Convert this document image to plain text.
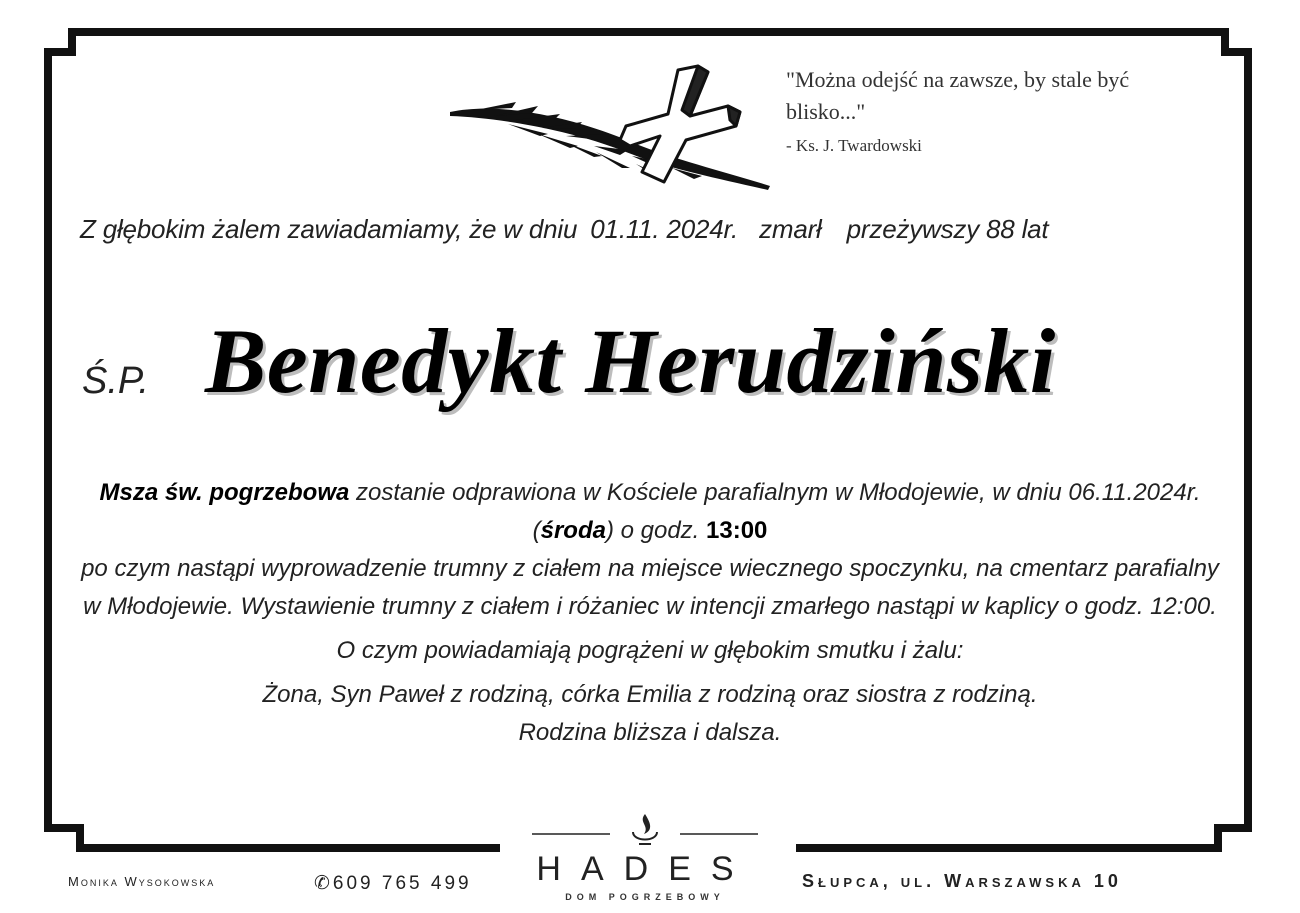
"Można odejść na zawsze, by stale być blisko..."
- Ks. J. Twardowski
Z głębokim żalem zawiadamiamy, że w dniu 01.11. 2024r. zmarł przeżywszy 88 lat
Ś.P. Benedykt Herudziński

Msza św. pogrzebowa zostanie odprawiona w Kościele parafialnym w Młodojewie, w dniu 06.11.2024r. (środa) o godz. 13:00

po czym nastąpi wyprowadzenie trumny z ciałem na miejsce wiecznego spoczynku, na cmentarz parafialny w Młodojewie. Wystawienie trumny z ciałem i różaniec w intencji zmarłego nastąpi w kaplicy o godz. 12:00.

O czym powiadamiają pogrążeni w głębokim smutku i żalu:

Żona, Syn Paweł z rodziną, córka Emilia z rodziną oraz siostra z rodziną.

Rodzina bliższa i dalsza.

Monika Wysokowska	✆609 765 499	HADES
DOM POGRZEBOWY
Słupca, ul. Warszawska 10
